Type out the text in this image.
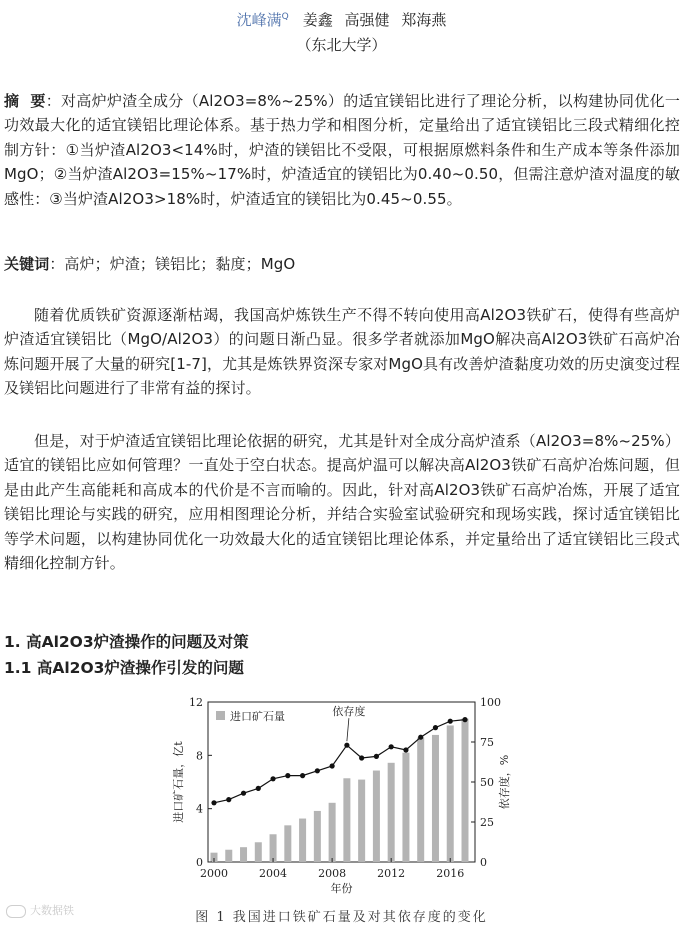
沈峰满$^Q$ 姜鑫 高强健 郑海燕
（东北大学）

摘  要：对高炉炉渣全成分（Al2O3=8%~25%）的适宜镁铝比进行了理论分析，以构建协同优化一功效最大化的适宜镁铝比理论体系。基于热力学和相图分析，定量给出了适宜镁铝比三段式精细化控制方针：①当炉渣Al2O3<14%时，炉渣的镁铝比不受限，可根据原燃料条件和生产成本等条件添加MgO；②当炉渣Al2O3=15%~17%时，炉渣适宜的镁铝比为0.40~0.50，但需注意炉渣对温度的敏感性：③当炉渣Al2O3>18%时，炉渣适宜的镁铝比为0.45~0.55。

关键词：高炉；炉渣；镁铝比；黏度；MgO

随着优质铁矿资源逐渐枯竭，我国高炉炼铁生产不得不转向使用高Al2O3铁矿石，使得有些高炉炉渣适宜镁铝比（MgO/Al2O3）的问题日渐凸显。很多学者就添加MgO解决高Al2O3铁矿石高炉冶炼问题开展了大量的研究[1-7]，尤其是炼铁界资深专家对MgO具有改善炉渣黏度功效的历史演变过程及镁铝比问题进行了非常有益的探讨。

但是，对于炉渣适宜镁铝比理论依据的研究，尤其是针对全成分高炉渣系（Al2O3=8%~25%）适宜的镁铝比应如何管理？一直处于空白状态。提高炉温可以解决高Al2O3铁矿石高炉冶炼问题，但是由此产生高能耗和高成本的代价是不言而喻的。因此，针对高Al2O3铁矿石高炉冶炼，开展了适宜镁铝比理论与实践的研究，应用相图理论分析，并结合实验室试验研究和现场实践，探讨适宜镁铝比等学术问题，以构建协同优化一功效最大化的适宜镁铝比理论体系，并定量给出了适宜镁铝比三段式精细化控制方针。

1. 高Al2O3炉渣操作的问题及对策
1.1 高Al2O3炉渣操作引发的问题
0
4
8
12
0
25
50
75
100
2000	2004	2008	2012	2016
年份
进口矿石量，亿t	依存度，%
进口矿石量	依存度
图 1 我国进口铁矿石量及对其依存度的变化
大数据铁
